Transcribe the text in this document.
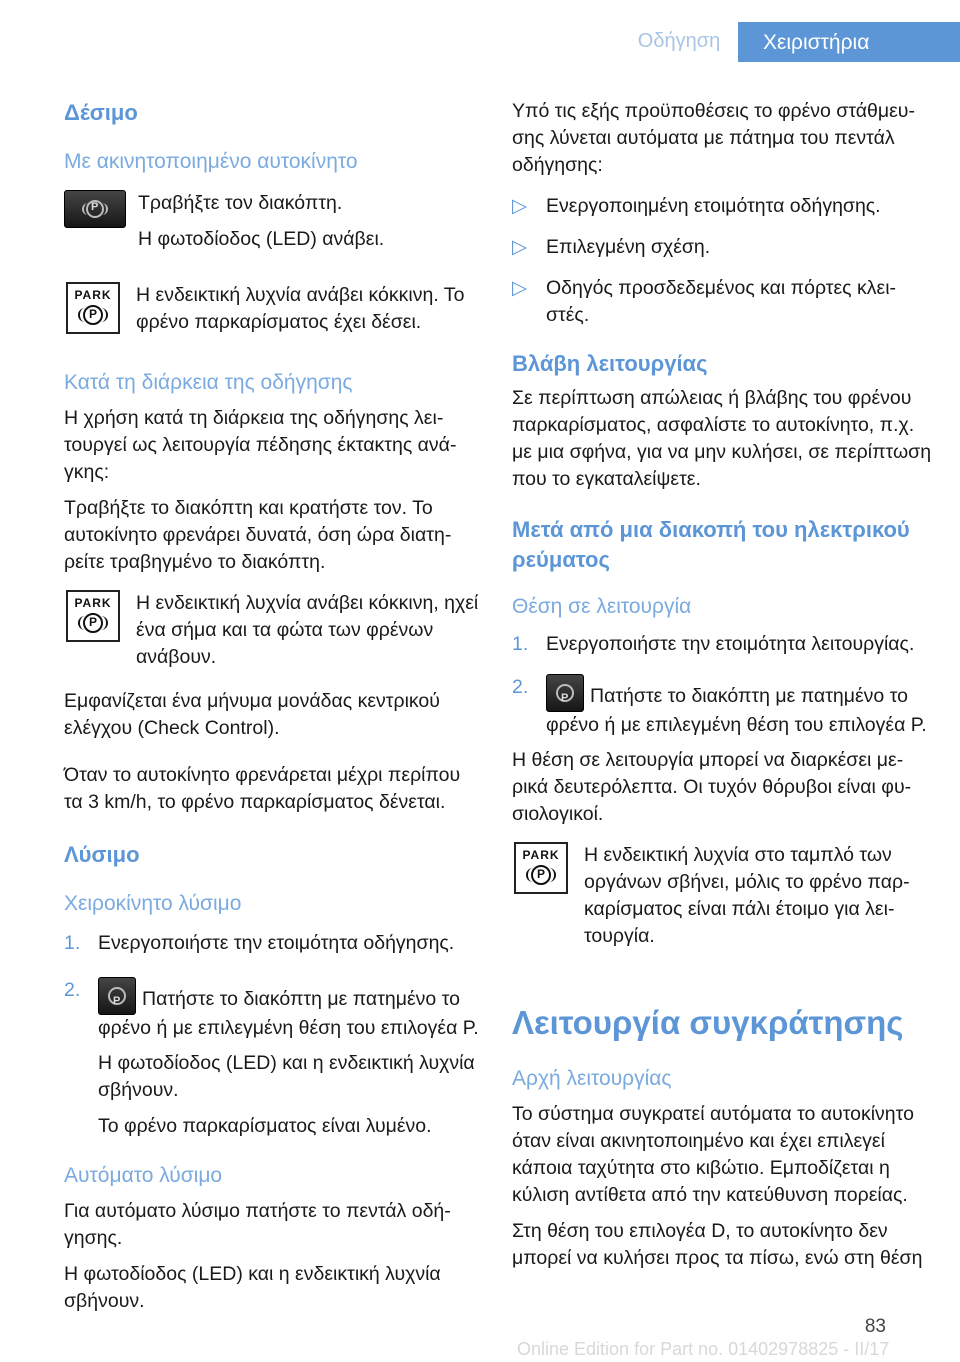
Οδήγηση	Χειριστήρια
Δέσιμο
Με ακινητοποιημένο αυτοκίνητο
P
Τραβήξτε τον διακόπτη.
Η φωτοδίοδος (LED) ανάβει.
PARK
P	Η ενδεικτική λυχνία ανάβει κόκκινη. Το φρένο παρκαρίσματος έχει δέσει.
Κατά τη διάρκεια της οδήγησης
Η χρήση κατά τη διάρκεια της οδήγησης λειτουργεί ως λειτουργία πέδησης έκτακτης ανάγκης:
Τραβήξτε το διακόπτη και κρατήστε τον. Το αυτοκίνητο φρενάρει δυνατά, όση ώρα διατηρείτε τραβηγμένο το διακόπτη.
PARK
P	Η ενδεικτική λυχνία ανάβει κόκκινη, ηχεί ένα σήμα και τα φώτα των φρένων ανάβουν.
Εμφανίζεται ένα μήνυμα μονάδας κεντρικού ελέγχου (Check Control).
Όταν το αυτοκίνητο φρενάρεται μέχρι περίπου τα 3 km/h, το φρένο παρκαρίσματος δένεται.
Λύσιμο
Χειροκίνητο λύσιμο
1. Ενεργοποιήστε την ετοιμότητα οδήγησης.
2. P	Πατήστε το διακόπτη με πατημένο το φρένο ή με επιλεγμένη θέση του επιλογέα P.
Η φωτοδίοδος (LED) και η ενδεικτική λυχνία σβήνουν.
Το φρένο παρκαρίσματος είναι λυμένο.
Αυτόματο λύσιμο
Για αυτόματο λύσιμο πατήστε το πεντάλ οδήγησης.
Η φωτοδίοδος (LED) και η ενδεικτική λυχνία σβήνουν.
Υπό τις εξής προϋποθέσεις το φρένο στάθμευσης λύνεται αυτόματα με πάτημα του πεντάλ οδήγησης:
▷ Ενεργοποιημένη ετοιμότητα οδήγησης.
▷ Επιλεγμένη σχέση.
▷ Οδηγός προσδεδεμένος και πόρτες κλειστές.
Βλάβη λειτουργίας
Σε περίπτωση απώλειας ή βλάβης του φρένου παρκαρίσματος, ασφαλίστε το αυτοκίνητο, π.χ. με μια σφήνα, για να μην κυλήσει, σε περίπτωση που το εγκαταλείψετε.
Μετά από μια διακοπή του ηλεκτρικού ρεύματος
Θέση σε λειτουργία
1. Ενεργοποιήστε την ετοιμότητα λειτουργίας.
2. P	Πατήστε το διακόπτη με πατημένο το φρένο ή με επιλεγμένη θέση του επιλογέα P.
Η θέση σε λειτουργία μπορεί να διαρκέσει μερικά δευτερόλεπτα. Οι τυχόν θόρυβοι είναι φυσιολογικοί.
PARK
P	Η ενδεικτική λυχνία στο ταμπλό των οργάνων σβήνει, μόλις το φρένο παρκαρίσματος είναι πάλι έτοιμο για λειτουργία.
Λειτουργία συγκράτησης
Αρχή λειτουργίας
Το σύστημα συγκρατεί αυτόματα το αυτοκίνητο όταν είναι ακινητοποιημένο και έχει επιλεγεί κάποια ταχύτητα στο κιβώτιο. Εμποδίζεται η κύλιση αντίθετα από την κατεύθυνση πορείας.
Στη θέση του επιλογέα D, το αυτοκίνητο δεν μπορεί να κυλήσει προς τα πίσω, ενώ στη θέση
83
Online Edition for Part no. 01402978825 - II/17
